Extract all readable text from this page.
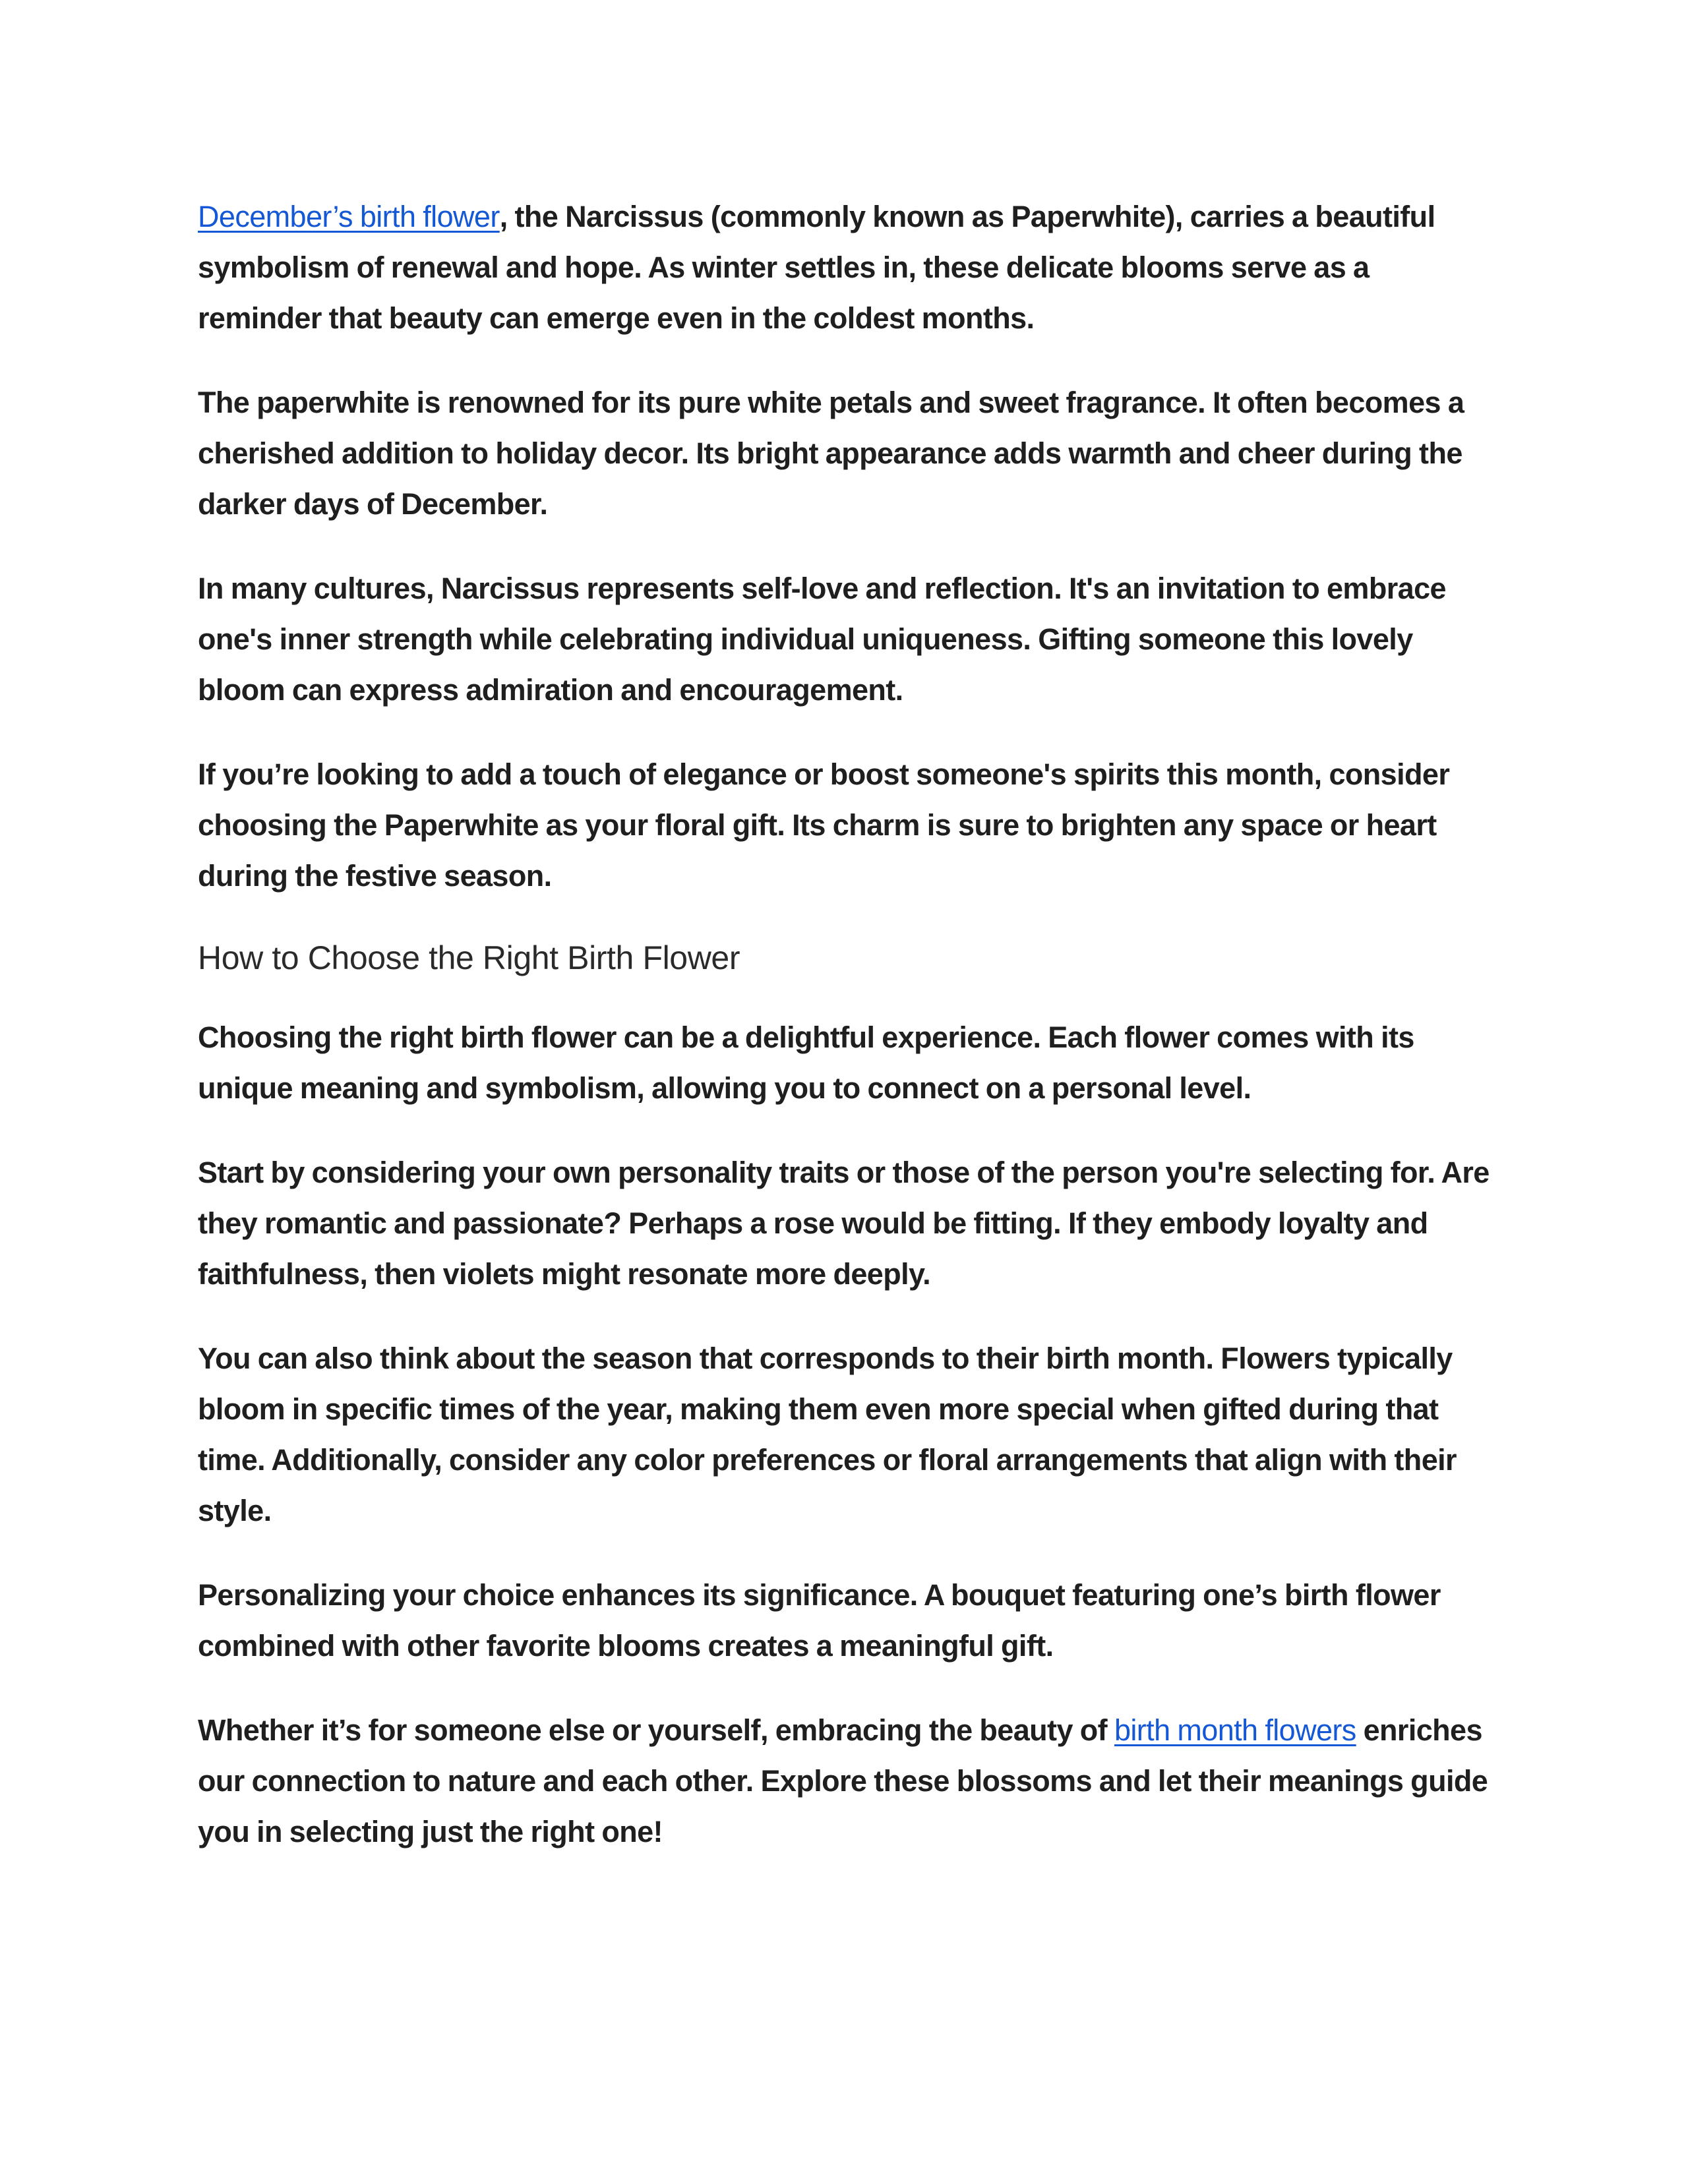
December’s birth flower, the Narcissus (commonly known as Paperwhite), carries a beautiful symbolism of renewal and hope. As winter settles in, these delicate blooms serve as a reminder that beauty can emerge even in the coldest months.

The paperwhite is renowned for its pure white petals and sweet fragrance. It often becomes a cherished addition to holiday decor. Its bright appearance adds warmth and cheer during the darker days of December.

In many cultures, Narcissus represents self-love and reflection. It's an invitation to embrace one's inner strength while celebrating individual uniqueness. Gifting someone this lovely bloom can express admiration and encouragement.

If you’re looking to add a touch of elegance or boost someone's spirits this month, consider choosing the Paperwhite as your floral gift. Its charm is sure to brighten any space or heart during the festive season.

How to Choose the Right Birth Flower

Choosing the right birth flower can be a delightful experience. Each flower comes with its unique meaning and symbolism, allowing you to connect on a personal level.

Start by considering your own personality traits or those of the person you're selecting for. Are they romantic and passionate? Perhaps a rose would be fitting. If they embody loyalty and faithfulness, then violets might resonate more deeply.

You can also think about the season that corresponds to their birth month. Flowers typically bloom in specific times of the year, making them even more special when gifted during that time. Additionally, consider any color preferences or floral arrangements that align with their style.

Personalizing your choice enhances its significance. A bouquet featuring one’s birth flower combined with other favorite blooms creates a meaningful gift.

Whether it’s for someone else or yourself, embracing the beauty of birth month flowers enriches our connection to nature and each other. Explore these blossoms and let their meanings guide you in selecting just the right one!
